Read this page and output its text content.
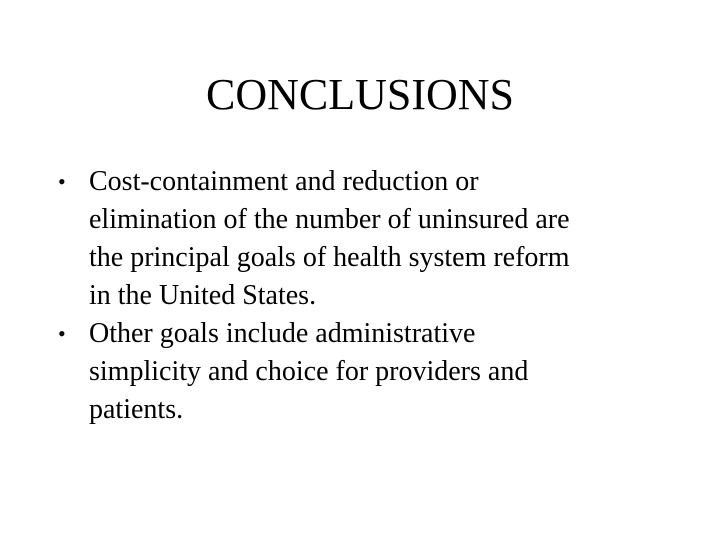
CONCLUSIONS
• Cost-containment and reduction or
elimination of the number of uninsured are
the principal goals of health system reform
in the United States.
• Other goals include administrative
simplicity and choice for providers and
patients.
